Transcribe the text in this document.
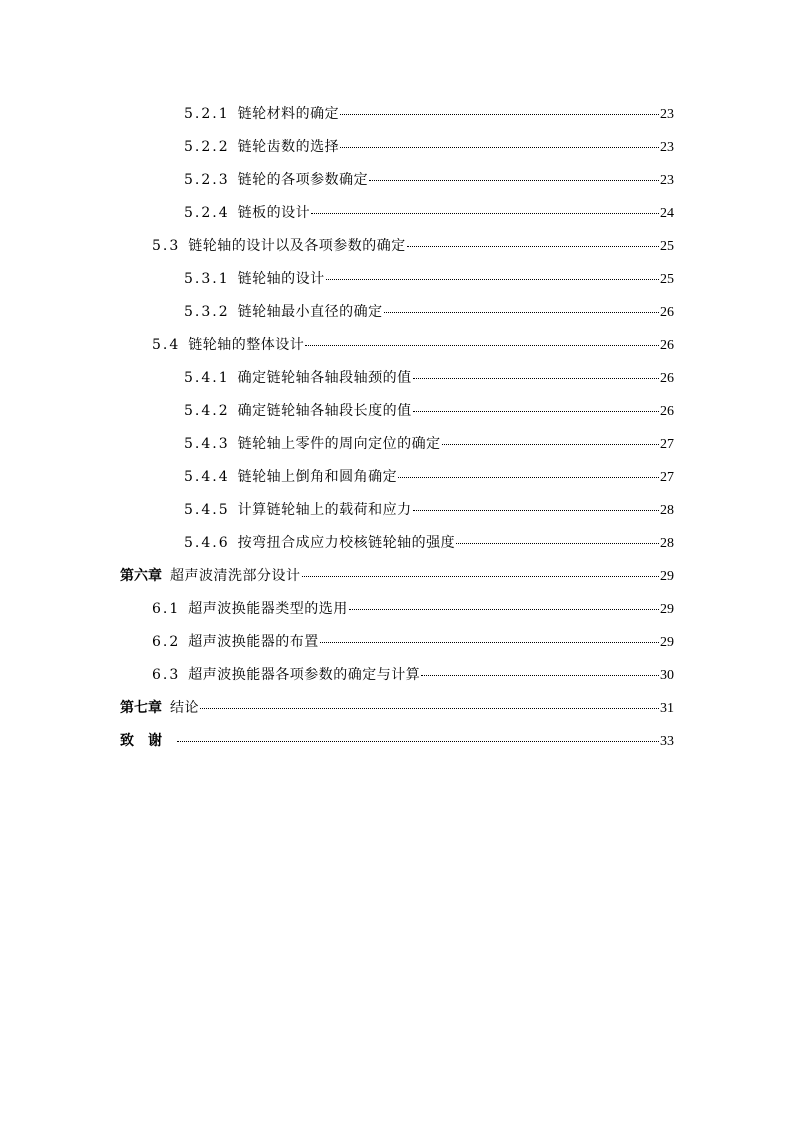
5.2.1 链轮材料的确定	23
5.2.2 链轮齿数的选择	23
5.2.3 链轮的各项参数确定	23
5.2.4 链板的设计	24
5.3 链轮轴的设计以及各项参数的确定	25
5.3.1 链轮轴的设计	25
5.3.2 链轮轴最小直径的确定	26
5.4 链轮轴的整体设计	26
5.4.1 确定链轮轴各轴段轴颈的值	26
5.4.2 确定链轮轴各轴段长度的值	26
5.4.3 链轮轴上零件的周向定位的确定	27
5.4.4 链轮轴上倒角和圆角确定	27
5.4.5 计算链轮轴上的载荷和应力	28
5.4.6 按弯扭合成应力校核链轮轴的强度	28
第六章 超声波清洗部分设计	29
6.1 超声波换能器类型的选用	29
6.2 超声波换能器的布置	29
6.3 超声波换能器各项参数的确定与计算	30
第七章 结论	31
致谢	33
